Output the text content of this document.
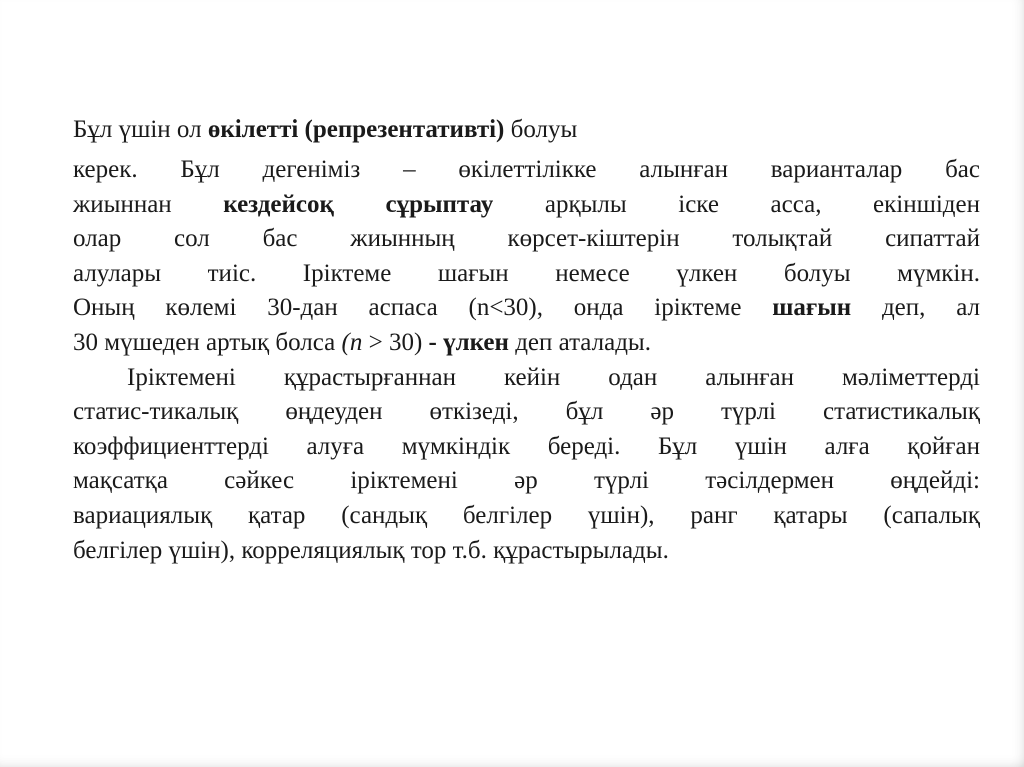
Бұл үшін ол өкілетті (репрезентативті) болуы
керек. Бұл дегеніміз – өкілеттілікке алынған варианталар бас
жиыннан кездейсоқ сұрыптау арқылы іске асса, екіншіден
олар сол бас жиынның көрсет-кіштерін толықтай сипаттай
алулары тиіс. Іріктеме шағын немесе үлкен болуы мүмкін.
Оның көлемі 30-дан аспаса (n<30), онда іріктеме шағын деп, ал
30 мүшеден артық болса (n > 30) - үлкен деп аталады.
Іріктемені құрастырғаннан кейін одан алынған мәліметтерді
статис-тикалық өңдеуден өткізеді, бұл әр түрлі статистикалық
коэффициенттерді алуға мүмкіндік береді. Бұл үшін алға қойған
мақсатқа сәйкес іріктемені әр түрлі тәсілдермен өңдейді:
вариациялық қатар (сандық белгілер үшін), ранг қатары (сапалық
белгілер үшін), корреляциялық тор т.б. құрастырылады.
